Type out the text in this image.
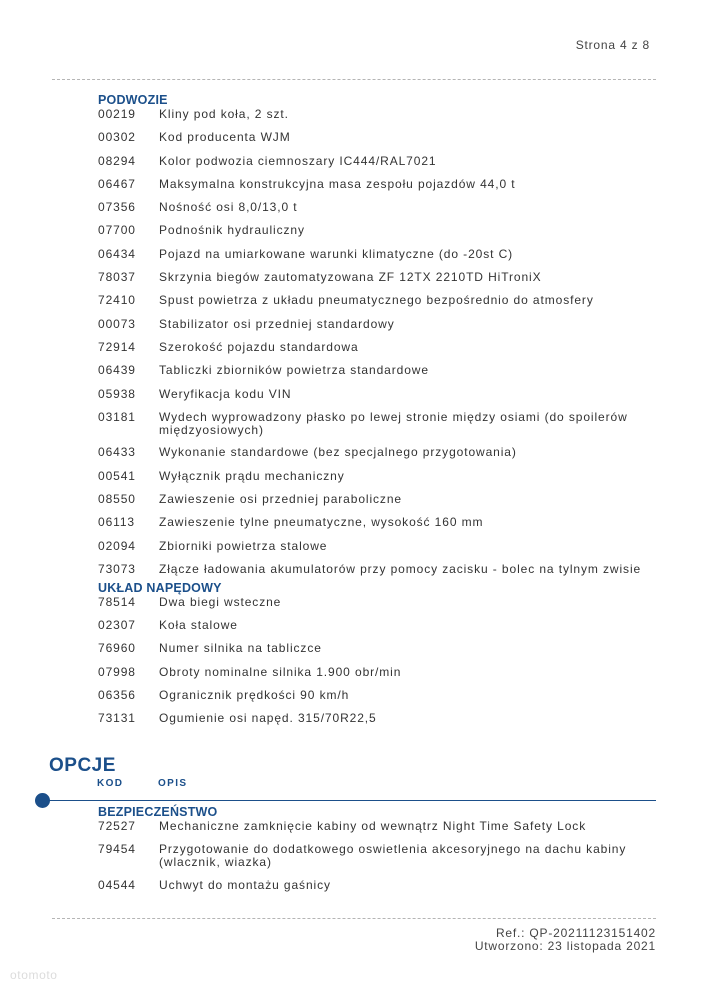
Strona 4 z 8
PODWOZIE
00219	Kliny pod koła, 2 szt.
00302	Kod producenta WJM
08294	Kolor podwozia ciemnoszary IC444/RAL7021
06467	Maksymalna konstrukcyjna masa zespołu pojazdów 44,0 t
07356	Nośność osi 8,0/13,0 t
07700	Podnośnik hydrauliczny
06434	Pojazd na umiarkowane warunki klimatyczne (do -20st C)
78037	Skrzynia biegów zautomatyzowana ZF 12TX 2210TD HiTroniX
72410	Spust powietrza z układu pneumatycznego bezpośrednio do atmosfery
00073	Stabilizator osi przedniej standardowy
72914	Szerokość pojazdu standardowa
06439	Tabliczki zbiorników powietrza standardowe
05938	Weryfikacja kodu VIN
03181	Wydech wyprowadzony płasko po lewej stronie między osiami (do spoilerów międzyosiowych)
06433	Wykonanie standardowe (bez specjalnego przygotowania)
00541	Wyłącznik prądu mechaniczny
08550	Zawieszenie osi przedniej paraboliczne
06113	Zawieszenie tylne pneumatyczne, wysokość 160 mm
02094	Zbiorniki powietrza stalowe
73073	Złącze ładowania akumulatorów przy pomocy zacisku - bolec na tylnym zwisie
UKŁAD NAPĘDOWY
78514	Dwa biegi wsteczne
02307	Koła stalowe
76960	Numer silnika na tabliczce
07998	Obroty nominalne silnika 1.900 obr/min
06356	Ogranicznik prędkości 90 km/h
73131	Ogumienie osi napęd. 315/70R22,5
OPCJE
KOD	OPIS
BEZPIECZEŃSTWO
72527	Mechaniczne zamknięcie kabiny od wewnątrz Night Time Safety Lock
79454	Przygotowanie do dodatkowego oswietlenia akcesoryjnego na dachu kabiny (wlacznik, wiazka)
04544	Uchwyt do montażu gaśnicy
Ref.: QP-20211123151402
Utworzono: 23 listopada 2021
otomoto
